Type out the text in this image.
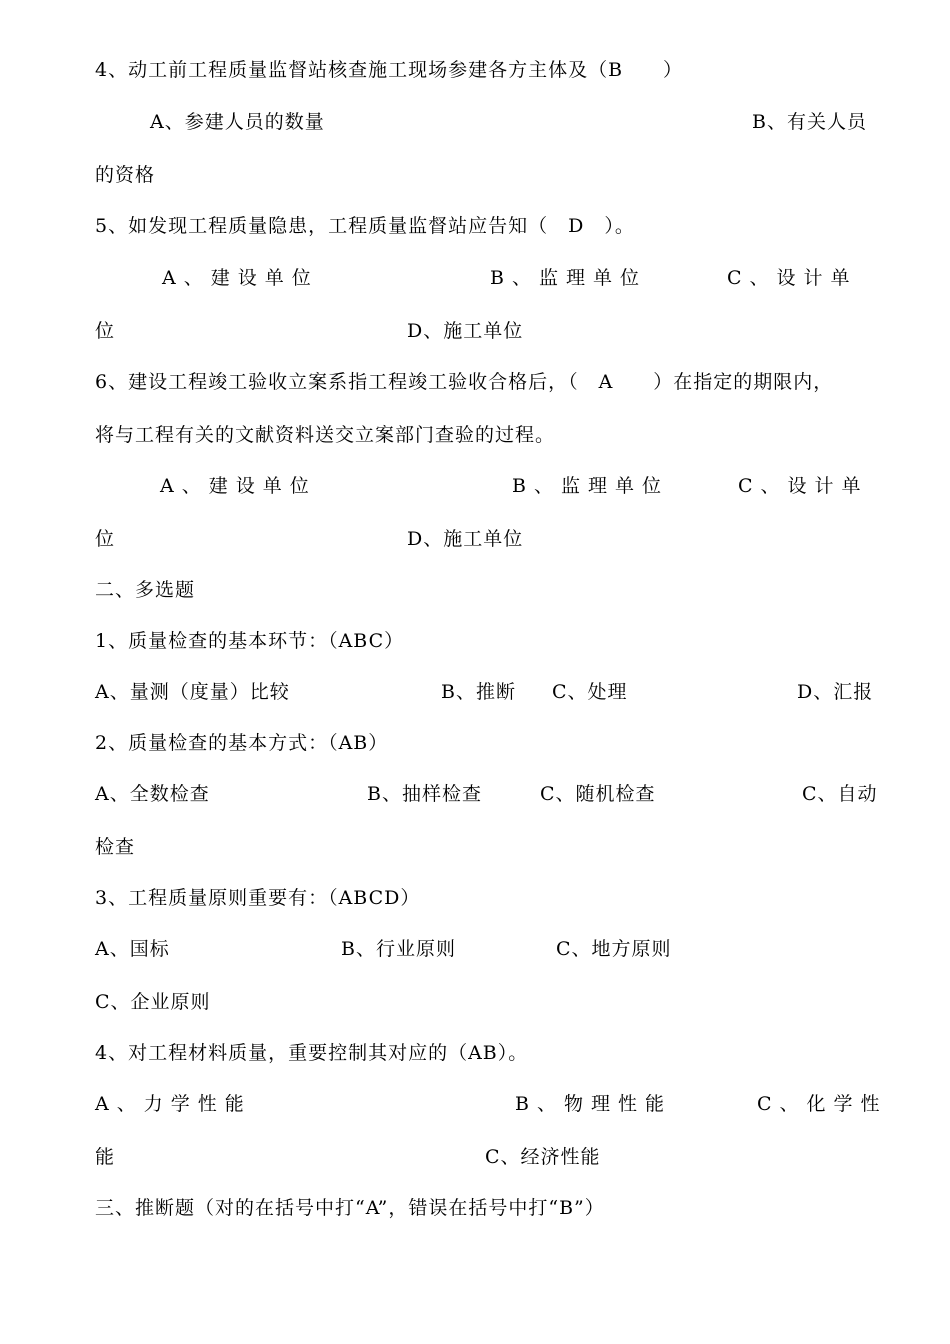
4、动工前工程质量监督站核查施工现场参建各方主体及（B　　）
A、参建人员的数量	B、有关人员
的资格
5、如发现工程质量隐患，工程质量监督站应告知（　D　）。
A、建设单位	B、监理单位	C、设计单
位	D、施工单位
6、建设工程竣工验收立案系指工程竣工验收合格后，（　A　　）在指定的期限内，
将与工程有关的文献资料送交立案部门查验的过程。
A、建设单位	B、监理单位	C、设计单
位	D、施工单位
二、多选题
1、质量检查的基本环节：（ABC）
A、量测（度量）比较	B、推断 C、处理	D、汇报
2、质量检查的基本方式：（AB）
A、全数检查	B、抽样检查	C、随机检查	C、自动
检查
3、工程质量原则重要有：（ABCD）
A、国标	B、行业原则	C、地方原则
C、企业原则
4、对工程材料质量，重要控制其对应的（AB）。
A、力学性能	B、物理性能	C、化学性
能	C、经济性能
三、推断题（对的在括号中打“A”，错误在括号中打“B”）
